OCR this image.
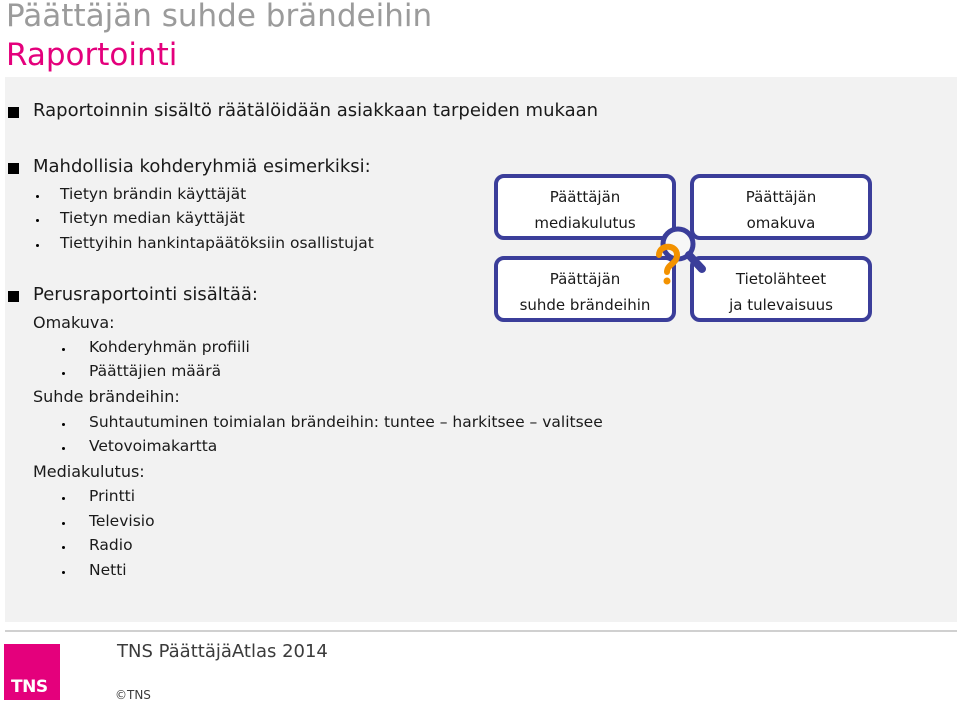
Päättäjän suhde brändeihin
Raportointi
Raportoinnin sisältö räätälöidään asiakkaan tarpeiden mukaan
Mahdollisia kohderyhmiä esimerkiksi:
Tietyn brändin käyttäjät
Tietyn median käyttäjät
Tiettyihin hankintapäätöksiin osallistujat
Perusraportointi sisältää:
Omakuva:
Kohderyhmän profiili
Päättäjien määrä
Suhde brändeihin:
Suhtautuminen toimialan brändeihin: tuntee – harkitsee – valitsee
Vetovoimakartta
Mediakulutus:
Printti
Televisio
Radio
Netti
Päättäjän
mediakulutus
Päättäjän
omakuva
Päättäjän
suhde brändeihin
Tietolähteet
ja tulevaisuus
TNS
TNS PäättäjäAtlas 2014
©TNS
